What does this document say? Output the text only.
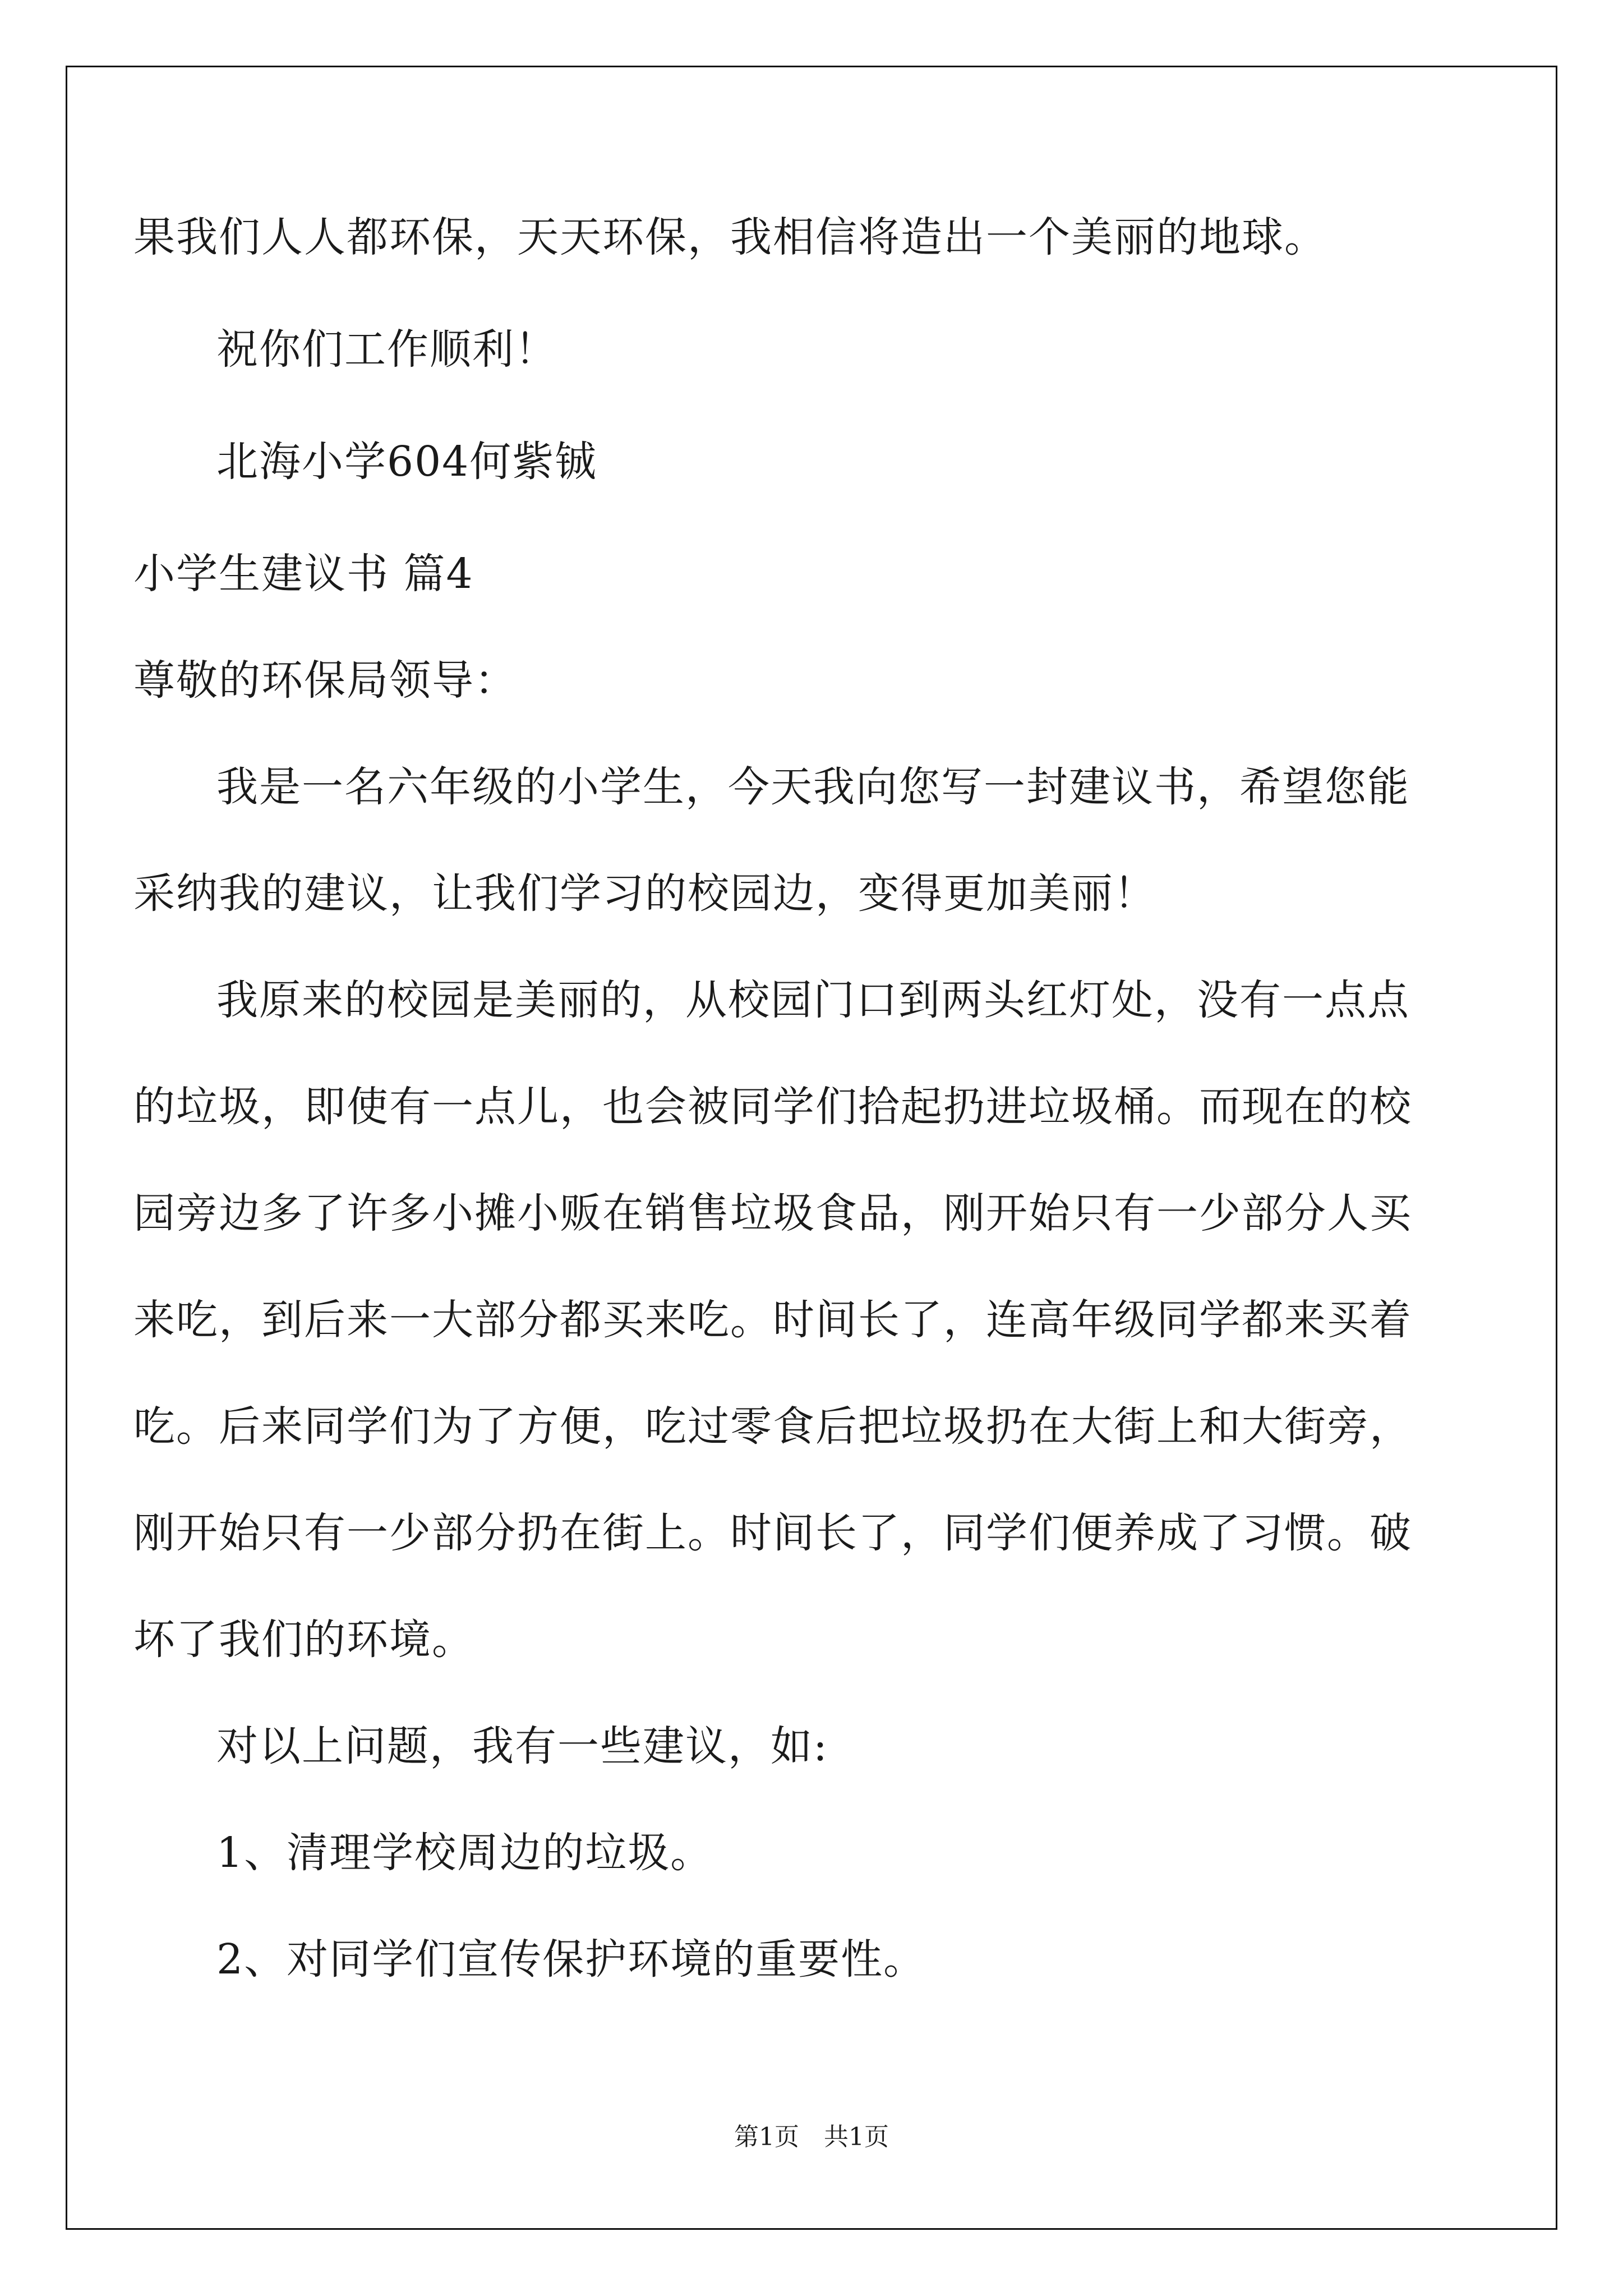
果我们人人都环保，天天环保，我相信将造出一个美丽的地球。
祝你们工作顺利！
北海小学604何紫铖
小学生建议书 篇4
尊敬的环保局领导：
我是一名六年级的小学生，今天我向您写一封建议书，希望您能
采纳我的建议，让我们学习的校园边，变得更加美丽！
我原来的校园是美丽的，从校园门口到两头红灯处，没有一点点
的垃圾，即使有一点儿，也会被同学们拾起扔进垃圾桶。而现在的校
园旁边多了许多小摊小贩在销售垃圾食品，刚开始只有一少部分人买
来吃，到后来一大部分都买来吃。时间长了，连高年级同学都来买着
吃。后来同学们为了方便，吃过零食后把垃圾扔在大街上和大街旁，
刚开始只有一少部分扔在街上。时间长了，同学们便养成了习惯。破
坏了我们的环境。
对以上问题，我有一些建议，如:
1、清理学校周边的垃圾。
2、对同学们宣传保护环境的重要性。
第1页　共1页
